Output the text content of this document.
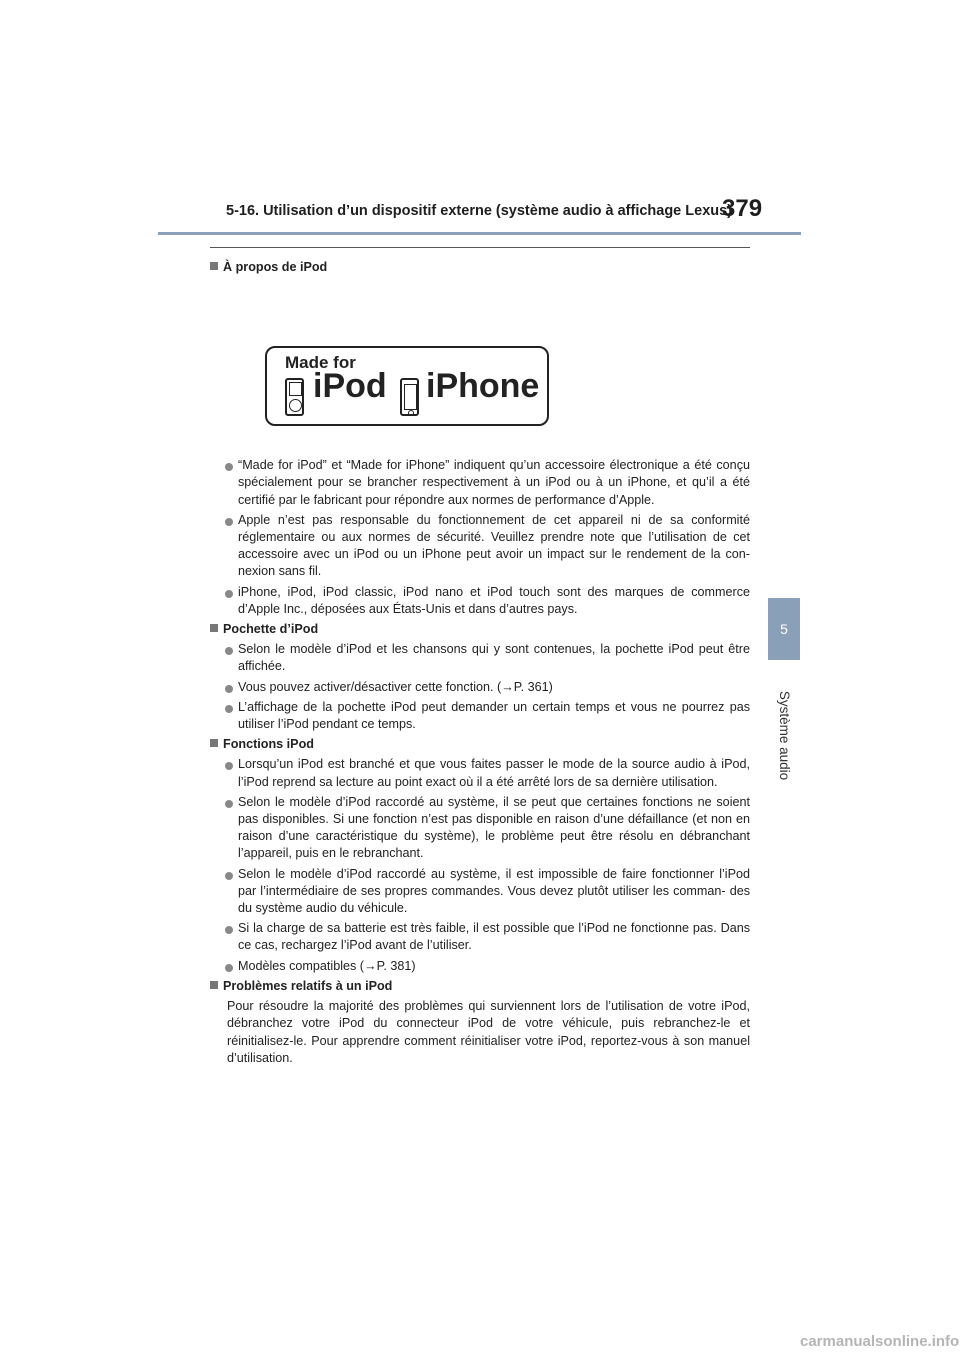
5-16. Utilisation d’un dispositif externe (système audio à affichage Lexus)
379
5
Système audio
À propos de iPod
Made for
iPod iPhone
“Made for iPod” et “Made for iPhone” indiquent qu’un accessoire électronique a été conçu spécialement pour se brancher respectivement à un iPod ou à un iPhone, et qu’il a été certifié par le fabricant pour répondre aux normes de performance d’Apple.
Apple n’est pas responsable du fonctionnement de cet appareil ni de sa conformité réglementaire ou aux normes de sécurité. Veuillez prendre note que l’utilisation de cet accessoire avec un iPod ou un iPhone peut avoir un impact sur le rendement de la con- nexion sans fil.
iPhone, iPod, iPod classic, iPod nano et iPod touch sont des marques de commerce d’Apple Inc., déposées aux États-Unis et dans d’autres pays.
Pochette d’iPod
Selon le modèle d’iPod et les chansons qui y sont contenues, la pochette iPod peut être affichée.
Vous pouvez activer/désactiver cette fonction. (→P. 361)
L’affichage de la pochette iPod peut demander un certain temps et vous ne pourrez pas utiliser l’iPod pendant ce temps.
Fonctions iPod
Lorsqu’un iPod est branché et que vous faites passer le mode de la source audio à iPod, l’iPod reprend sa lecture au point exact où il a été arrêté lors de sa dernière utilisation.
Selon le modèle d’iPod raccordé au système, il se peut que certaines fonctions ne soient pas disponibles. Si une fonction n’est pas disponible en raison d’une défaillance (et non en raison d’une caractéristique du système), le problème peut être résolu en débranchant l’appareil, puis en le rebranchant.
Selon le modèle d’iPod raccordé au système, il est impossible de faire fonctionner l’iPod par l’intermédiaire de ses propres commandes. Vous devez plutôt utiliser les comman- des du système audio du véhicule.
Si la charge de sa batterie est très faible, il est possible que l’iPod ne fonctionne pas. Dans ce cas, rechargez l’iPod avant de l’utiliser.
Modèles compatibles (→P. 381)
Problèmes relatifs à un iPod
Pour résoudre la majorité des problèmes qui surviennent lors de l’utilisation de votre iPod, débranchez votre iPod du connecteur iPod de votre véhicule, puis rebranchez-le et réinitialisez-le. Pour apprendre comment réinitialiser votre iPod, reportez-vous à son manuel d’utilisation.
carmanualsonline.info
